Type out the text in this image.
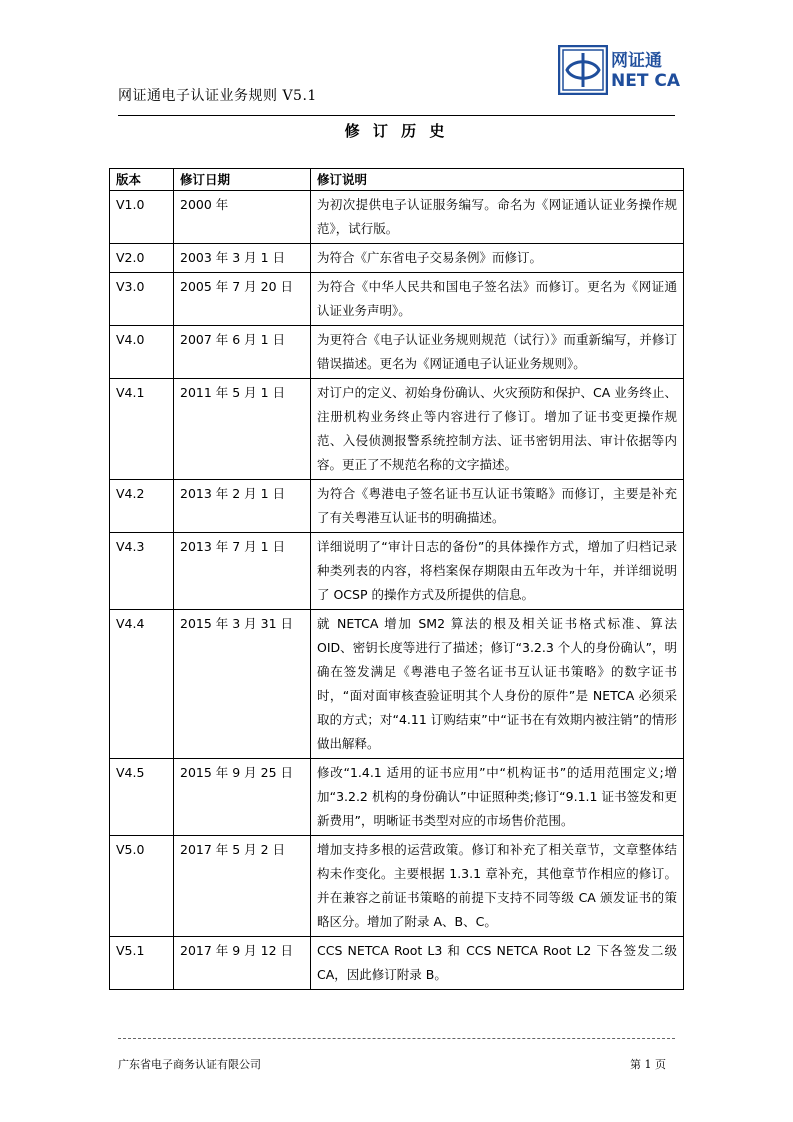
网证通电子认证业务规则 V5.1
网证通
NET CA
修 订 历 史
版本	修订日期	修订说明
V1.0	2000 年	为初次提供电子认证服务编写。命名为《网证通认证业务操作规范》，试行版。
V2.0	2003 年 3 月 1 日	为符合《广东省电子交易条例》而修订。
V3.0	2005 年 7 月 20 日	为符合《中华人民共和国电子签名法》而修订。更名为《网证通认证业务声明》。
V4.0	2007 年 6 月 1 日	为更符合《电子认证业务规则规范（试行）》而重新编写，并修订错误描述。更名为《网证通电子认证业务规则》。
V4.1	2011 年 5 月 1 日	对订户的定义、初始身份确认、火灾预防和保护、CA 业务终止、注册机构业务终止等内容进行了修订。增加了证书变更操作规范、入侵侦测报警系统控制方法、证书密钥用法、审计依据等内容。更正了不规范名称的文字描述。
V4.2	2013 年 2 月 1 日	为符合《粤港电子签名证书互认证书策略》而修订，主要是补充了有关粤港互认证书的明确描述。
V4.3	2013 年 7 月 1 日	详细说明了“审计日志的备份”的具体操作方式，增加了归档记录种类列表的内容，将档案保存期限由五年改为十年，并详细说明了 OCSP 的操作方式及所提供的信息。
V4.4	2015 年 3 月 31 日	就 NETCA 增加 SM2 算法的根及相关证书格式标准、算法 OID、密钥长度等进行了描述；修订“3.2.3 个人的身份确认”，明确在签发满足《粤港电子签名证书互认证书策略》的数字证书时，“面对面审核查验证明其个人身份的原件”是 NETCA 必须采取的方式；对“4.11 订购结束”中“证书在有效期内被注销”的情形做出解释。
V4.5	2015 年 9 月 25 日	修改“1.4.1 适用的证书应用”中“机构证书”的适用范围定义;增加“3.2.2 机构的身份确认”中证照种类;修订“9.1.1 证书签发和更新费用”，明晰证书类型对应的市场售价范围。
V5.0	2017 年 5 月 2 日	增加支持多根的运营政策。修订和补充了相关章节，文章整体结构未作变化。主要根据 1.3.1 章补充，其他章节作相应的修订。并在兼容之前证书策略的前提下支持不同等级 CA 颁发证书的策略区分。增加了附录 A、B、C。
V5.1	2017 年 9 月 12 日	CCS NETCA Root L3 和 CCS NETCA Root L2 下各签发二级 CA，因此修订附录 B。
广东省电子商务认证有限公司	第 1 页
